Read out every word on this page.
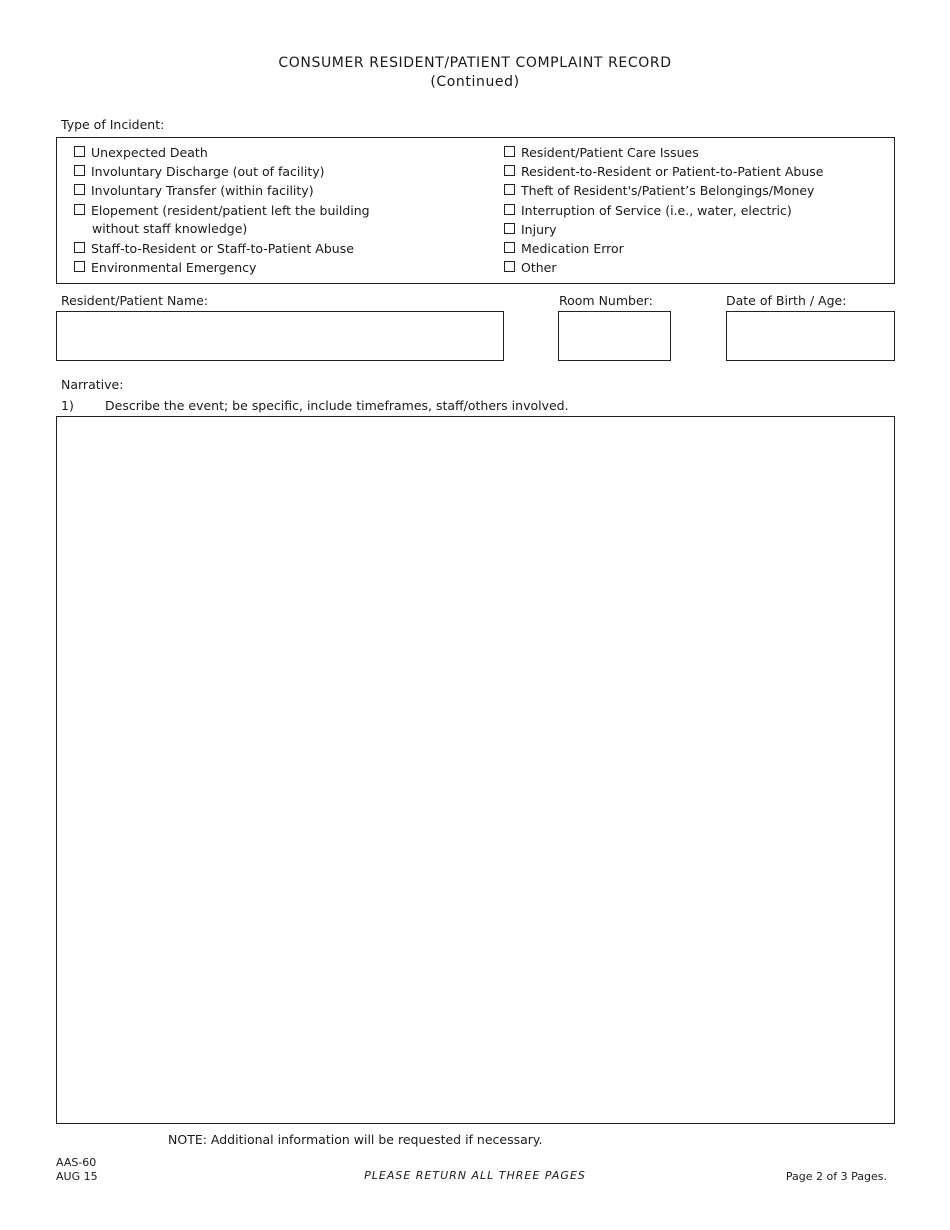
CONSUMER RESIDENT/PATIENT COMPLAINT RECORD
(Continued)
Type of Incident:
Unexpected Death
Involuntary Discharge (out of facility)
Involuntary Transfer (within facility)
Elopement (resident/patient left the building
without staff knowledge)
Staff-to-Resident or Staff-to-Patient Abuse
Environmental Emergency
Resident/Patient Care Issues
Resident-to-Resident or Patient-to-Patient Abuse
Theft of Resident's/Patient’s Belongings/Money
Interruption of Service (i.e., water, electric)
Injury
Medication Error
Other
Resident/Patient Name:	Room Number:	Date of Birth / Age:
Narrative:
1) Describe the event; be specific, include timeframes, staff/others involved.
NOTE: Additional information will be requested if necessary.
AAS-60
AUG 15	PLEASE RETURN ALL THREE PAGES	Page 2 of 3 Pages.
